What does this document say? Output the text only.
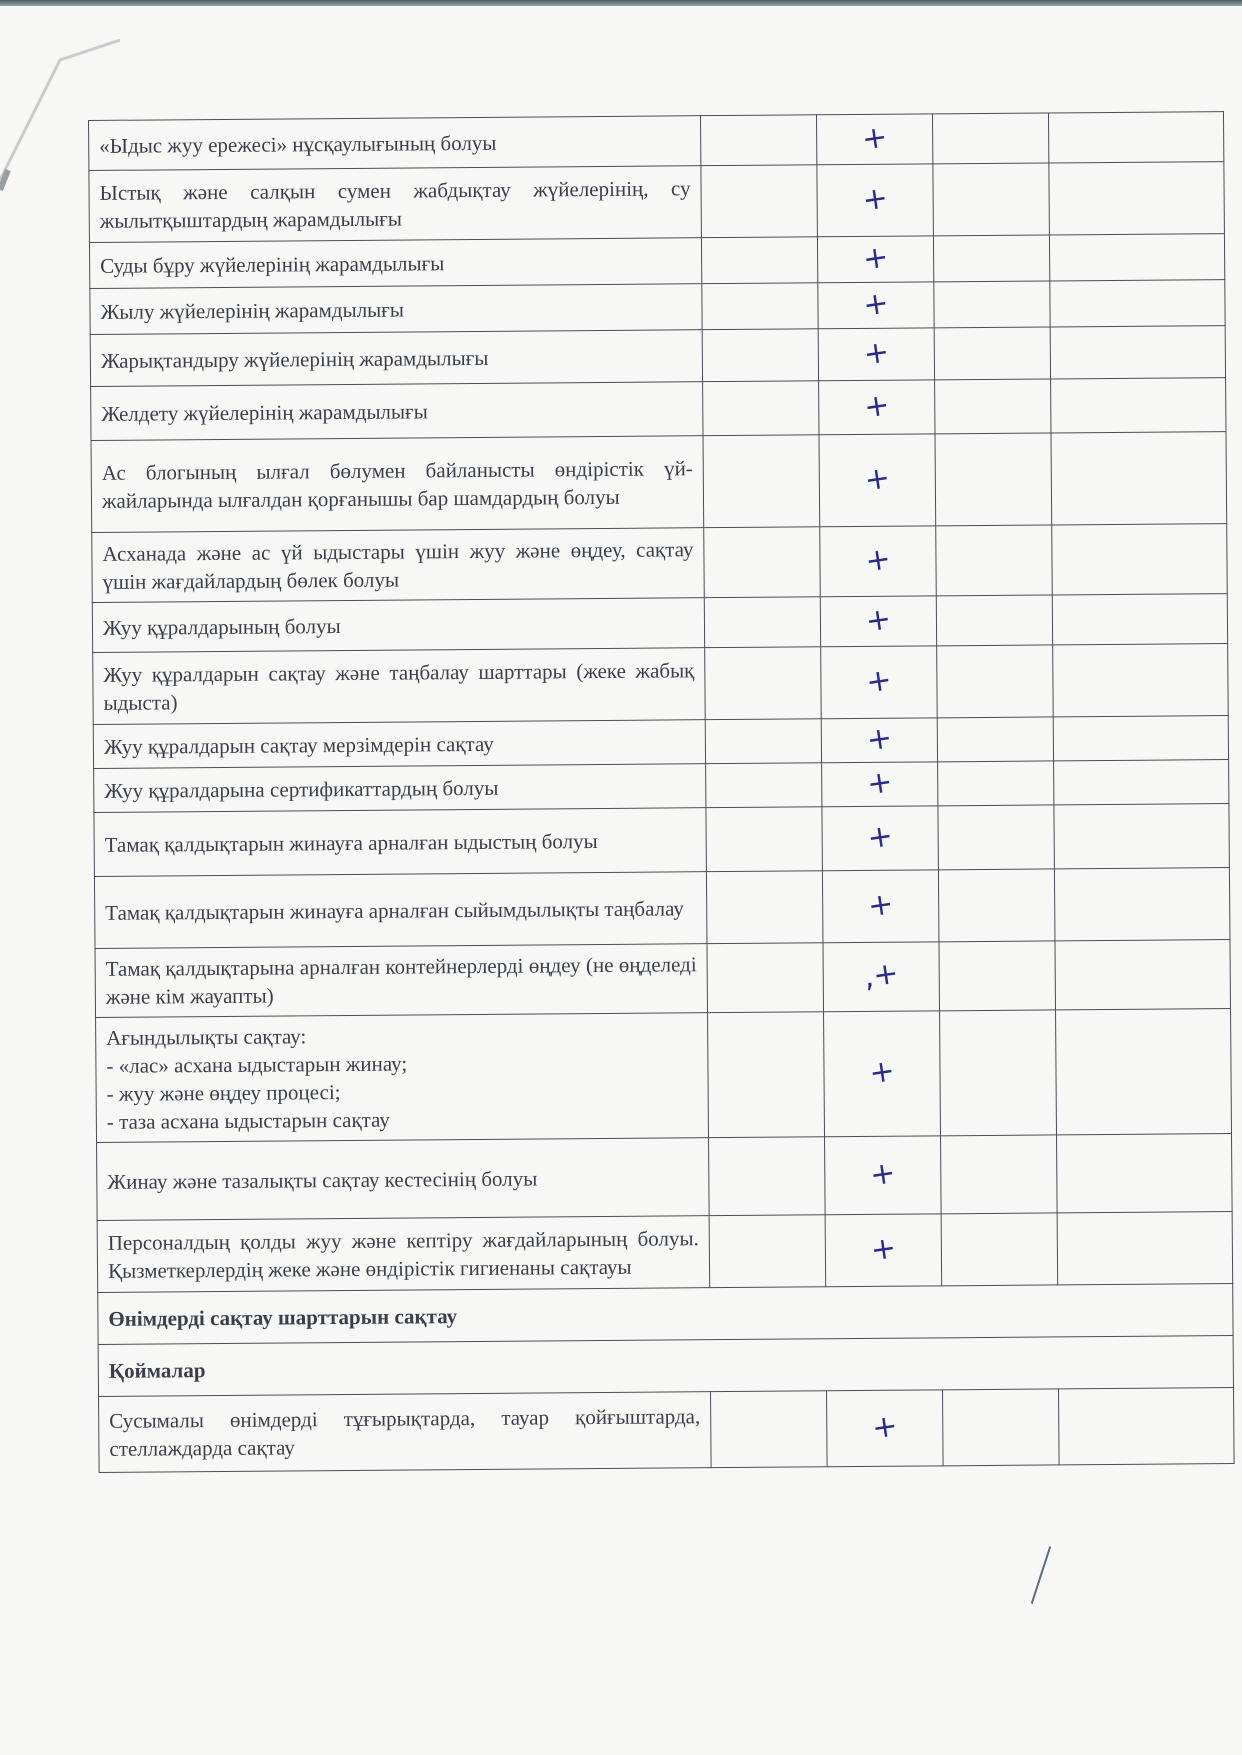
«Ыдыс жуу ережесі» нұсқаулығының болуы		+		
Ыстық және салқын сумен жабдықтау жүйелерінің, су жылытқыштардың жарамдылығы		+		
Суды бұру жүйелерінің жарамдылығы		+		
Жылу жүйелерінің жарамдылығы		+		
Жарықтандыру жүйелерінің жарамдылығы		+		
Желдету жүйелерінің жарамдылығы		+		
Ас блогының ылғал бөлумен байланысты өндірістік үй-жайларында ылғалдан қорғанышы бар шамдардың болуы		+		
Асханада және ас үй ыдыстары үшін жуу және өңдеу, сақтау үшін жағдайлардың бөлек болуы		+		
Жуу құралдарының болуы		+		
Жуу құралдарын сақтау және таңбалау шарттары (жеке жабық ыдыста)		+		
Жуу құралдарын сақтау мерзімдерін сақтау		+		
Жуу құралдарына сертификаттардың болуы		+		
Тамақ қалдықтарын жинауға арналған ыдыстың болуы		+		
Тамақ қалдықтарын жинауға арналған сыйымдылықты таңбалау		+		
Тамақ қалдықтарына арналған контейнерлерді өңдеу (не өңделеді және кім жауапты)		,+		
Ағындылықты сақтау:
- «лас» асхана ыдыстарын жинау;
- жуу және өңдеу процесі;
- таза асхана ыдыстарын сақтау		+		
Жинау және тазалықты сақтау кестесінің болуы		+		
Персоналдың қолды жуу және кептіру жағдайларының болуы. Қызметкерлердің жеке және өндірістік гигиенаны сақтауы		+		
Өнімдерді сақтау шарттарын сақтау				
Қоймалар				
Сусымалы өнімдерді тұғырықтарда, тауар қойғыштарда, стеллаждарда сақтау		+		
